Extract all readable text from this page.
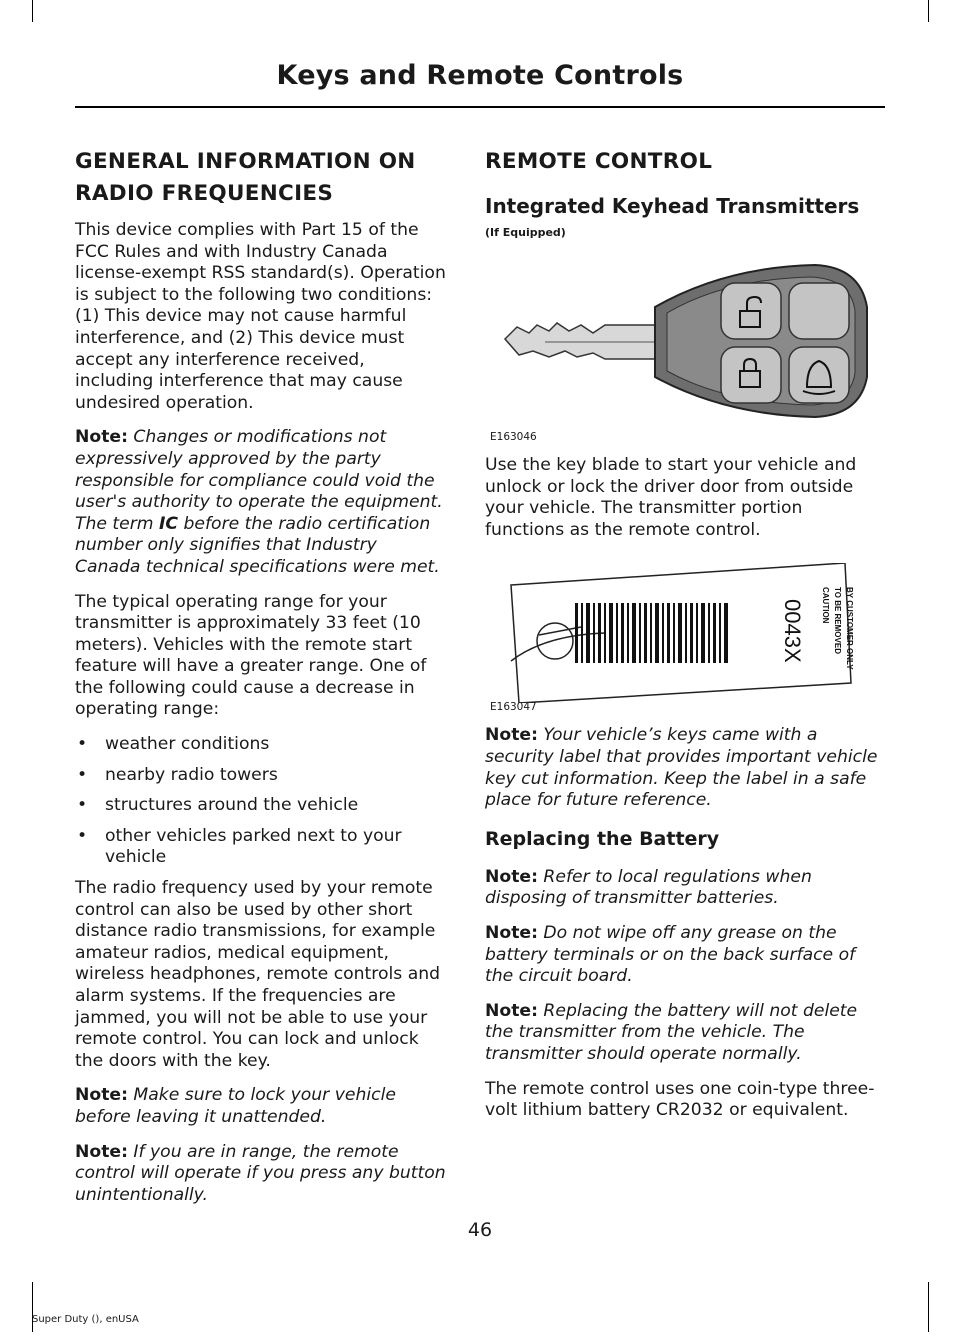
Keys and Remote Controls
GENERAL INFORMATION ON
RADIO FREQUENCIES

This device complies with Part 15 of the FCC Rules and with Industry Canada license-exempt RSS standard(s). Operation is subject to the following two conditions: (1) This device may not cause harmful interference, and (2) This device must accept any interference received, including interference that may cause undesired operation.

Note: Changes or modifications not expressively approved by the party responsible for compliance could void the user's authority to operate the equipment. The term IC before the radio certification number only signifies that Industry Canada technical specifications were met.

The typical operating range for your transmitter is approximately 33 feet (10 meters). Vehicles with the remote start feature will have a greater range. One of the following could cause a decrease in operating range:

• weather conditions
• nearby radio towers
• structures around the vehicle
• other vehicles parked next to your vehicle

The radio frequency used by your remote control can also be used by other short distance radio transmissions, for example amateur radios, medical equipment, wireless headphones, remote controls and alarm systems. If the frequencies are jammed, you will not be able to use your remote control. You can lock and unlock the doors with the key.

Note: Make sure to lock your vehicle before leaving it unattended.

Note: If you are in range, the remote control will operate if you press any button unintentionally.

REMOTE CONTROL
Integrated Keyhead Transmitters
(If Equipped)
E163046

Use the key blade to start your vehicle and unlock or lock the driver door from outside your vehicle. The transmitter portion functions as the remote control.

0043X CAUTION TO BE REMOVED BY CUSTOMER ONLY
E163047

Note: Your vehicle’s keys came with a security label that provides important vehicle key cut information. Keep the label in a safe place for future reference.

Replacing the Battery

Note: Refer to local regulations when disposing of transmitter batteries.

Note: Do not wipe off any grease on the battery terminals or on the back surface of the circuit board.

Note: Replacing the battery will not delete the transmitter from the vehicle. The transmitter should operate normally.

The remote control uses one coin-type three-volt lithium battery CR2032 or equivalent.

46
Super Duty (), enUSA
